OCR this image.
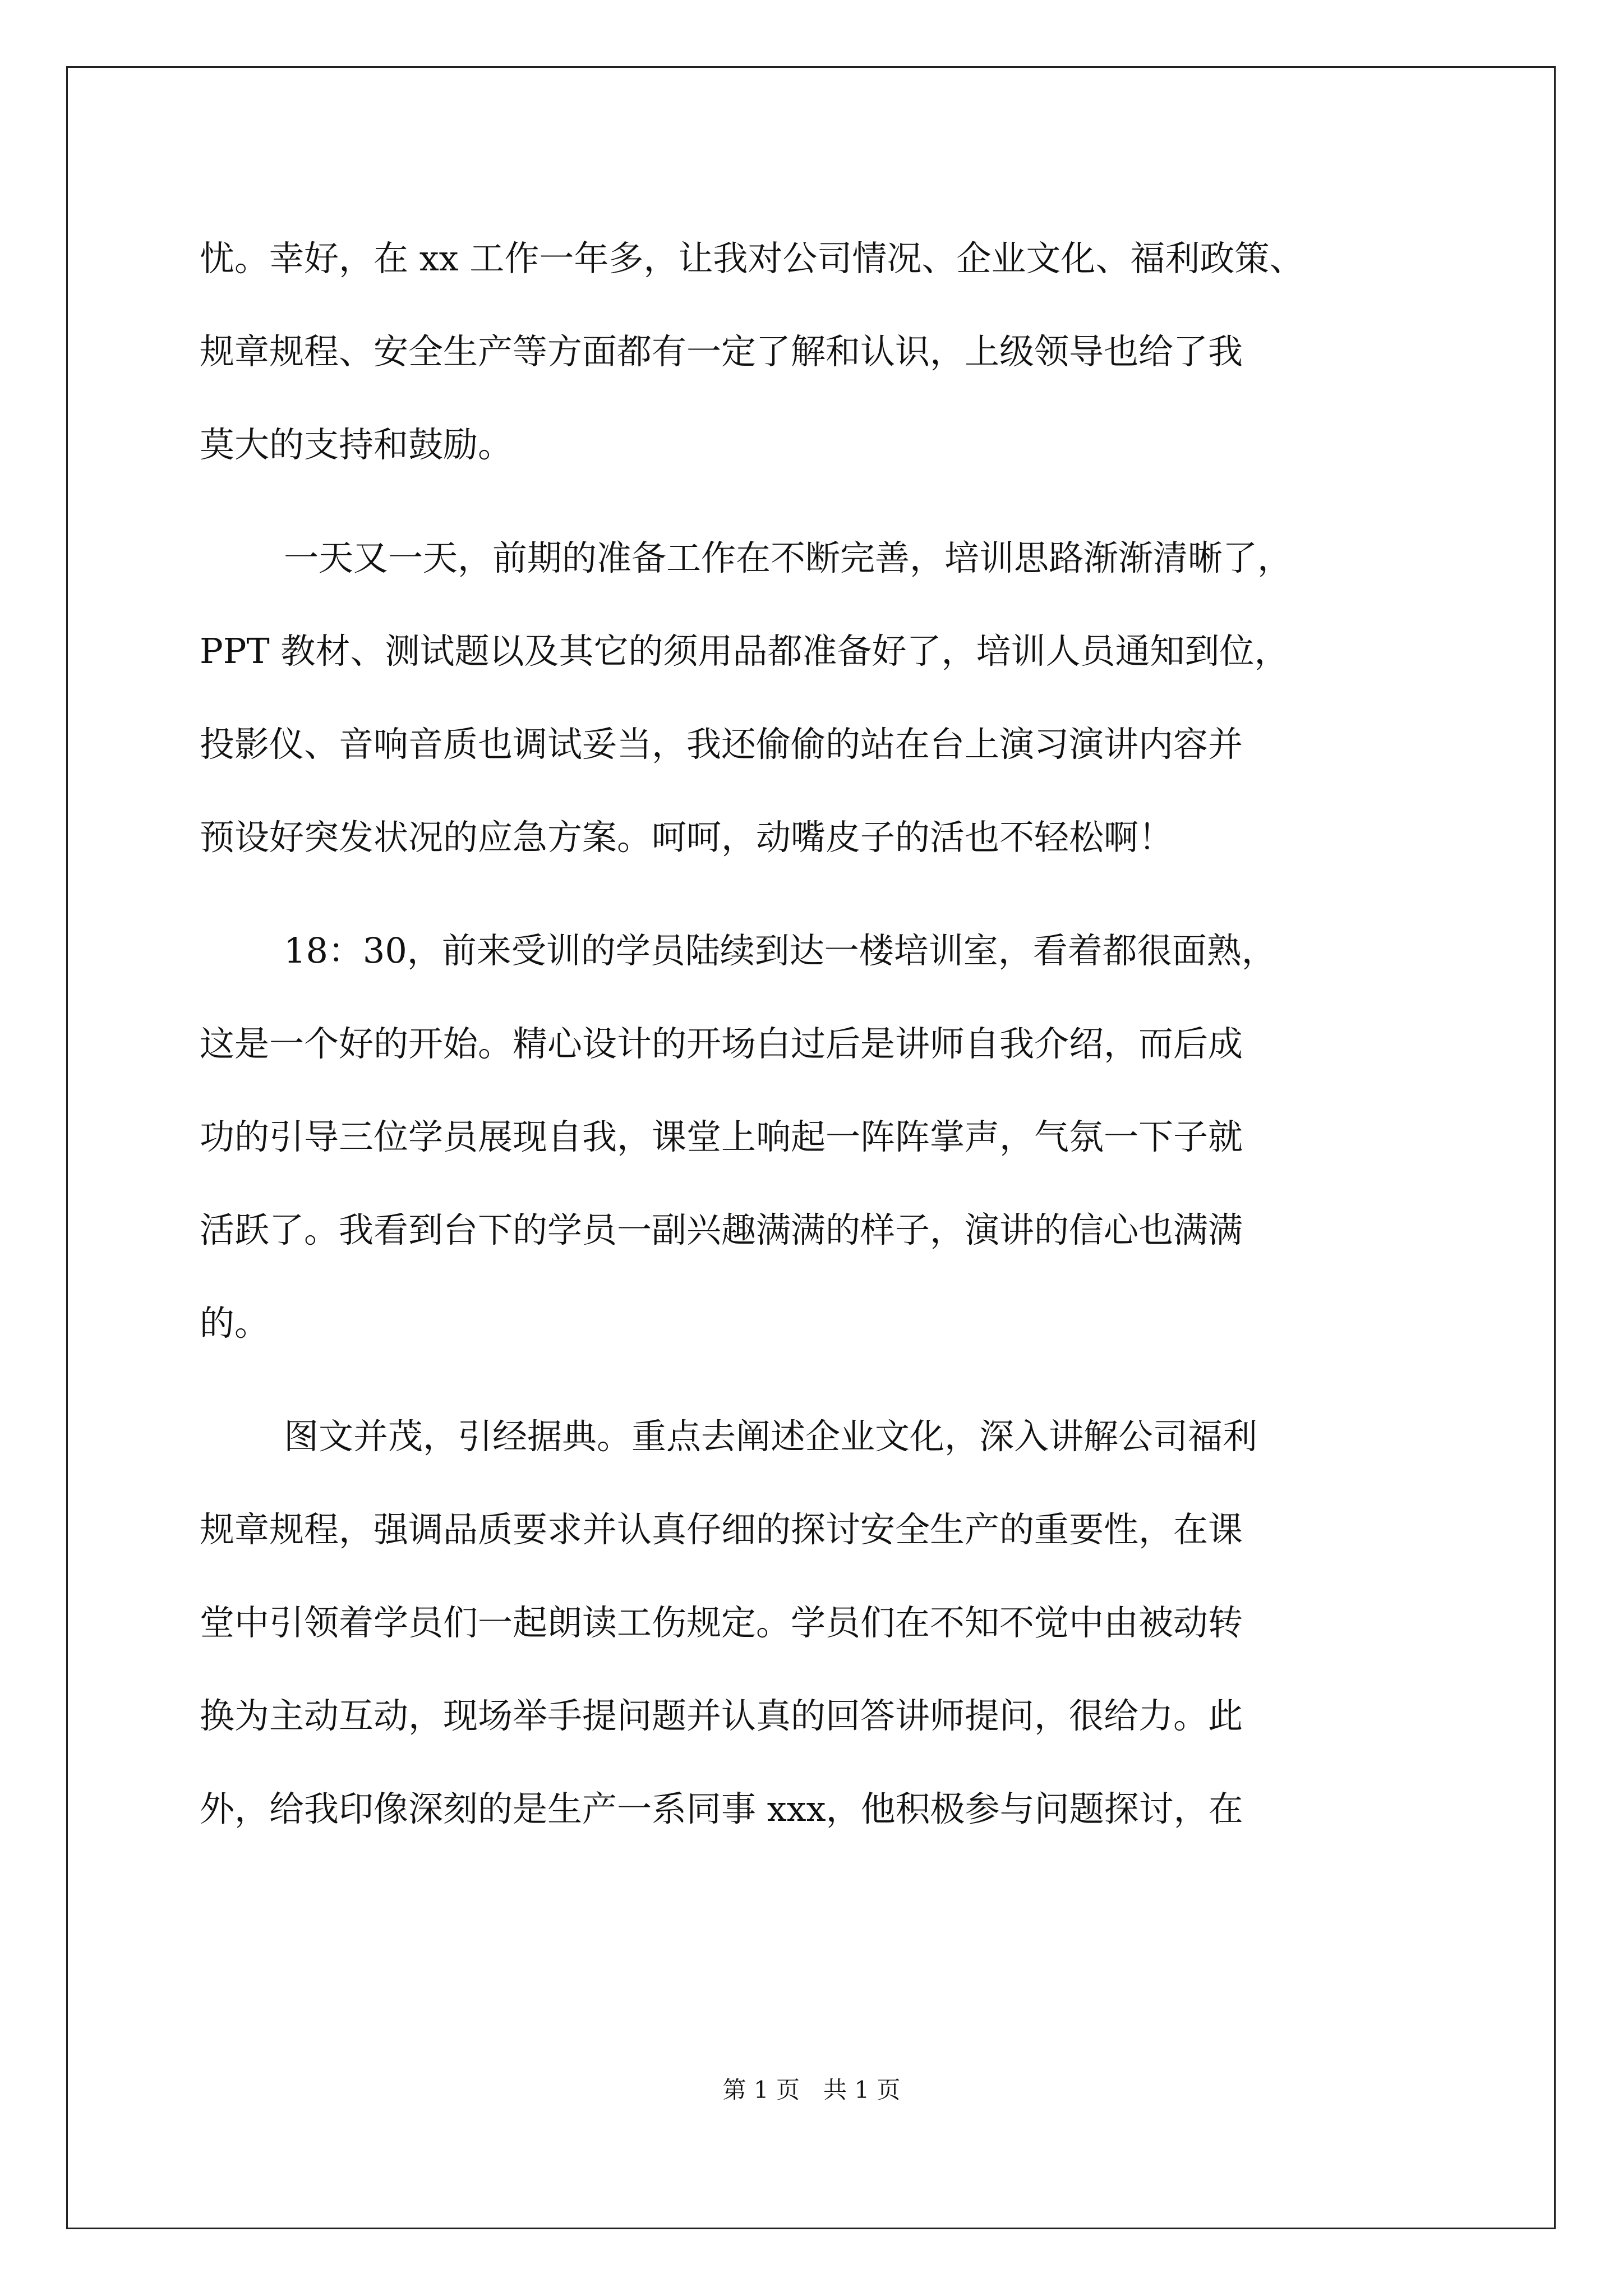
忧。幸好，在 xx 工作一年多，让我对公司情况、企业文化、福利政策、
规章规程、安全生产等方面都有一定了解和认识，上级领导也给了我
莫大的支持和鼓励。
一天又一天，前期的准备工作在不断完善，培训思路渐渐清晰了，
PPT 教材、测试题以及其它的须用品都准备好了，培训人员通知到位，
投影仪、音响音质也调试妥当，我还偷偷的站在台上演习演讲内容并
预设好突发状况的应急方案。呵呵，动嘴皮子的活也不轻松啊！
18：30，前来受训的学员陆续到达一楼培训室，看着都很面熟，
这是一个好的开始。精心设计的开场白过后是讲师自我介绍，而后成
功的引导三位学员展现自我，课堂上响起一阵阵掌声，气氛一下子就
活跃了。我看到台下的学员一副兴趣满满的样子，演讲的信心也满满
的。
图文并茂，引经据典。重点去阐述企业文化，深入讲解公司福利
规章规程，强调品质要求并认真仔细的探讨安全生产的重要性，在课
堂中引领着学员们一起朗读工伤规定。学员们在不知不觉中由被动转
换为主动互动，现场举手提问题并认真的回答讲师提问，很给力。此
外，给我印像深刻的是生产一系同事 xxx，他积极参与问题探讨，在
第 1 页　共 1 页
